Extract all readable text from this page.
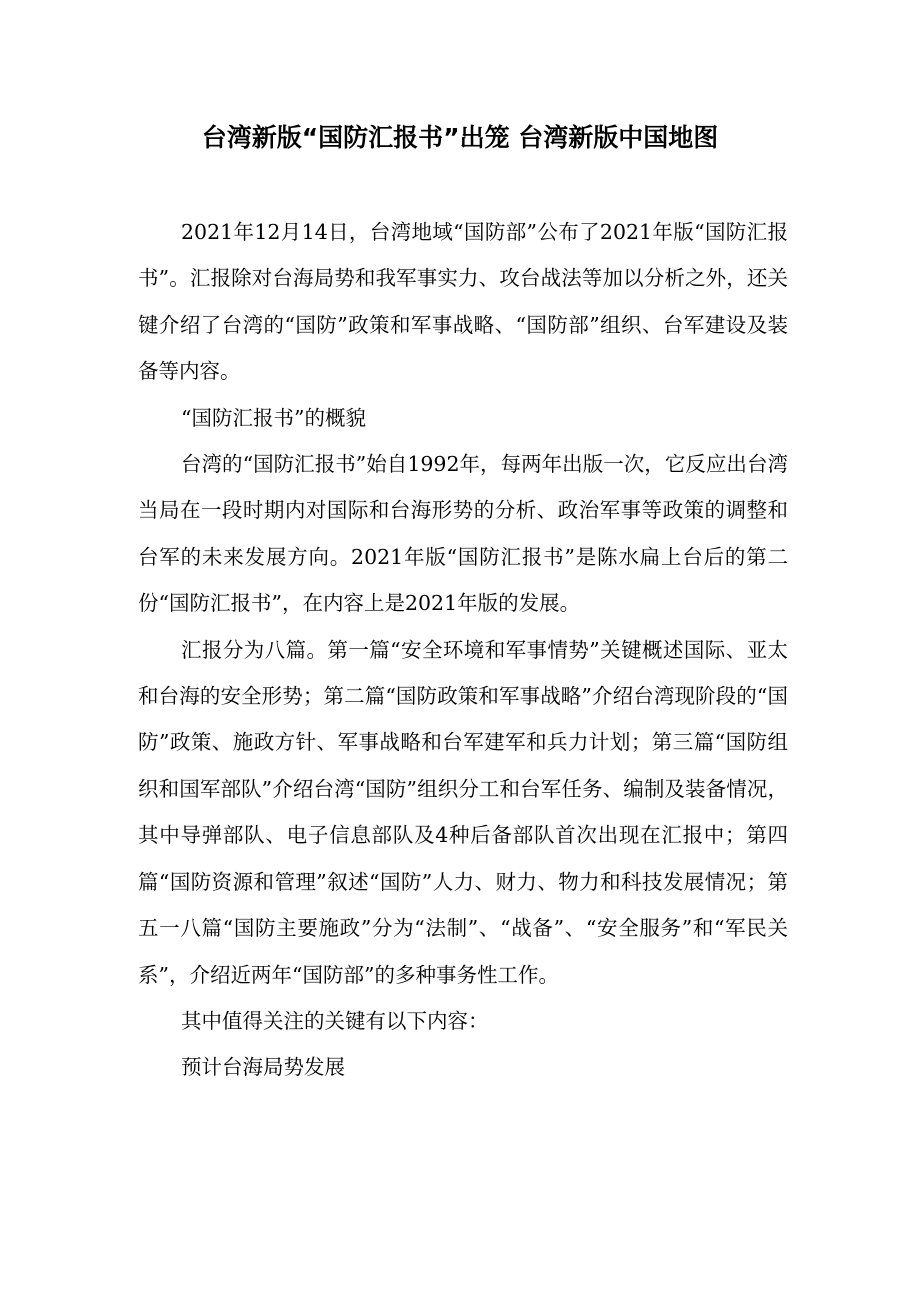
台湾新版“国防汇报书”出笼 台湾新版中国地图

2021年12月14日，台湾地域“国防部”公布了2021年版“国防汇报书”。汇报除对台海局势和我军事实力、攻台战法等加以分析之外，还关键介绍了台湾的“国防”政策和军事战略、“国防部”组织、台军建设及装备等内容。

“国防汇报书”的概貌

台湾的“国防汇报书”始自1992年，每两年出版一次，它反应出台湾当局在一段时期内对国际和台海形势的分析、政治军事等政策的调整和台军的未来发展方向。2021年版“国防汇报书”是陈水扁上台后的第二份“国防汇报书”，在内容上是2021年版的发展。

汇报分为八篇。第一篇“安全环境和军事情势”关键概述国际、亚太和台海的安全形势；第二篇“国防政策和军事战略”介绍台湾现阶段的“国防”政策、施政方针、军事战略和台军建军和兵力计划；第三篇“国防组织和国军部队”介绍台湾“国防”组织分工和台军任务、编制及装备情况，其中导弹部队、电子信息部队及4种后备部队首次出现在汇报中；第四篇“国防资源和管理”叙述“国防”人力、财力、物力和科技发展情况；第五一八篇“国防主要施政”分为“法制”、“战备”、“安全服务”和“军民关系”，介绍近两年“国防部”的多种事务性工作。

其中值得关注的关键有以下内容：

预计台海局势发展
